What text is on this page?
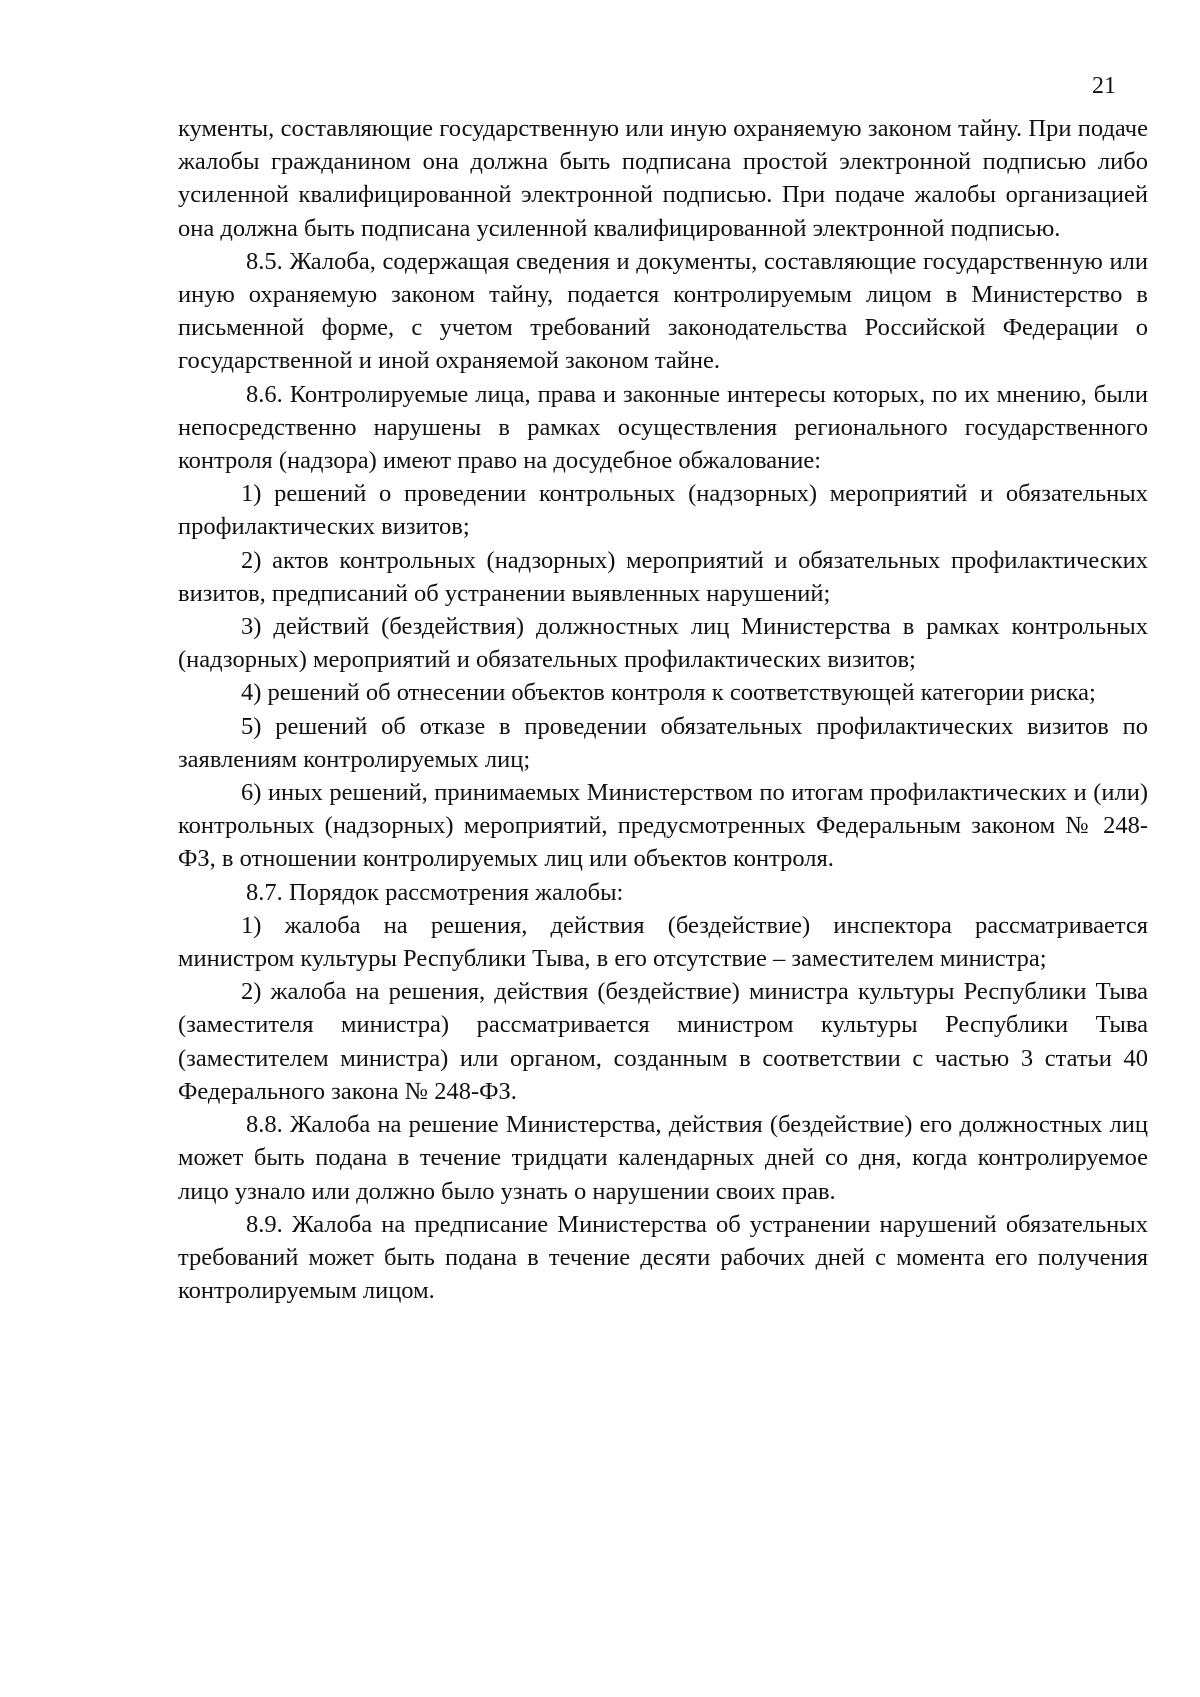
21

кументы, составляющие государственную или иную охраняемую законом тайну. При подаче жалобы гражданином она должна быть подписана простой электронной подписью либо усиленной квалифицированной электронной подписью. При подаче жалобы организацией она должна быть подписана усиленной квалифицированной электронной подписью.

8.5. Жалоба, содержащая сведения и документы, составляющие государственную или иную охраняемую законом тайну, подается контролируемым лицом в Министерство в письменной форме, с учетом требований законодательства Российской Федерации о государственной и иной охраняемой законом тайне.

8.6. Контролируемые лица, права и законные интересы которых, по их мнению, были непосредственно нарушены в рамках осуществления регионального государственного контроля (надзора) имеют право на досудебное обжалование:

1) решений о проведении контрольных (надзорных) мероприятий и обязательных профилактических визитов;

2) актов контрольных (надзорных) мероприятий и обязательных профилактических визитов, предписаний об устранении выявленных нарушений;

3) действий (бездействия) должностных лиц Министерства в рамках контрольных (надзорных) мероприятий и обязательных профилактических визитов;

4) решений об отнесении объектов контроля к соответствующей категории риска;

5) решений об отказе в проведении обязательных профилактических визитов по заявлениям контролируемых лиц;

6) иных решений, принимаемых Министерством по итогам профилактических и (или) контрольных (надзорных) мероприятий, предусмотренных Федеральным законом № 248-ФЗ, в отношении контролируемых лиц или объектов контроля.

8.7. Порядок рассмотрения жалобы:

1) жалоба на решения, действия (бездействие) инспектора рассматривается министром культуры Республики Тыва, в его отсутствие – заместителем министра;

2) жалоба на решения, действия (бездействие) министра культуры Республики Тыва (заместителя министра) рассматривается министром культуры Республики Тыва (заместителем министра) или органом, созданным в соответствии с частью 3 статьи 40 Федерального закона № 248-ФЗ.

8.8. Жалоба на решение Министерства, действия (бездействие) его должностных лиц может быть подана в течение тридцати календарных дней со дня, когда контролируемое лицо узнало или должно было узнать о нарушении своих прав.

8.9. Жалоба на предписание Министерства об устранении нарушений обязательных требований может быть подана в течение десяти рабочих дней с момента его получения контролируемым лицом.
